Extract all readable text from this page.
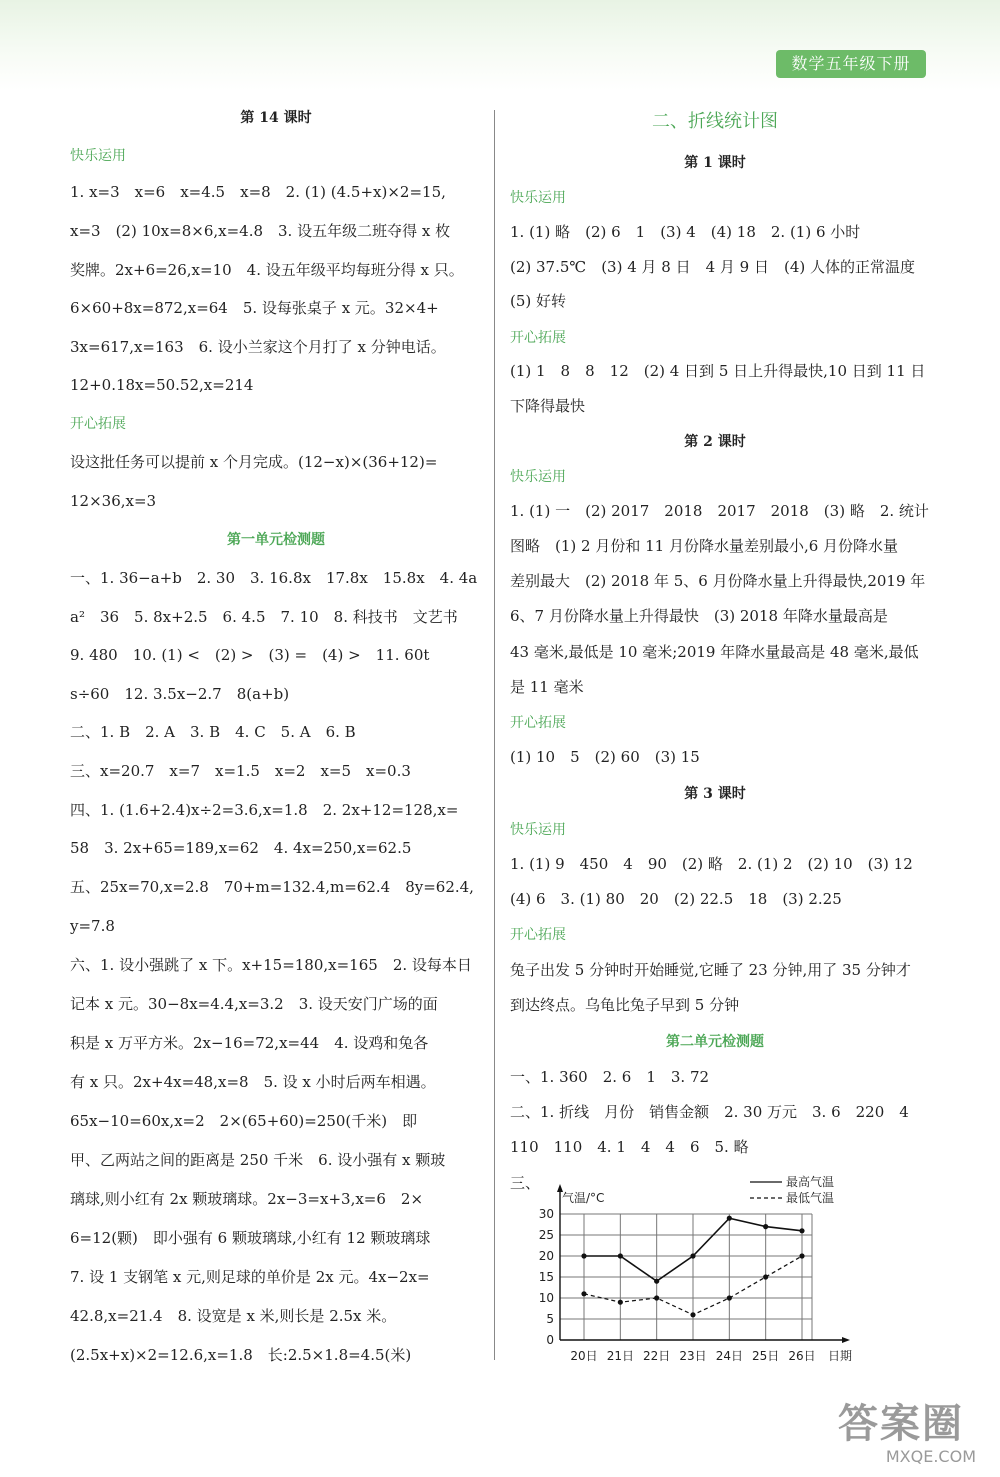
数学五年级下册
第 14 课时
快乐运用
1. x=3　x=6　x=4.5　x=8　2. (1) (4.5+x)×2=15,
x=3　(2) 10x=8×6,x=4.8　3. 设五年级二班夺得 x 枚
奖牌。2x+6=26,x=10　4. 设五年级平均每班分得 x 只。
6×60+8x=872,x=64　5. 设每张桌子 x 元。32×4+
3x=617,x=163　6. 设小兰家这个月打了 x 分钟电话。
12+0.18x=50.52,x=214
开心拓展
设这批任务可以提前 x 个月完成。(12−x)×(36+12)=
12×36,x=3
第一单元检测题
一、1. 36−a+b　2. 30　3. 16.8x　17.8x　15.8x　4. 4a
a²　36　5. 8x+2.5　6. 4.5　7. 10　8. 科技书　文艺书
9. 480　10. (1) <　(2) >　(3) =　(4) >　11. 60t
s÷60　12. 3.5x−2.7　8(a+b)
二、1. B　2. A　3. B　4. C　5. A　6. B
三、x=20.7　x=7　x=1.5　x=2　x=5　x=0.3
四、1. (1.6+2.4)x÷2=3.6,x=1.8　2. 2x+12=128,x=
58　3. 2x+65=189,x=62　4. 4x=250,x=62.5
五、25x=70,x=2.8　70+m=132.4,m=62.4　8y=62.4,
y=7.8
六、1. 设小强跳了 x 下。x+15=180,x=165　2. 设每本日
记本 x 元。30−8x=4.4,x=3.2　3. 设天安门广场的面
积是 x 万平方米。2x−16=72,x=44　4. 设鸡和兔各
有 x 只。2x+4x=48,x=8　5. 设 x 小时后两车相遇。
65x−10=60x,x=2　2×(65+60)=250(千米)　即
甲、乙两站之间的距离是 250 千米　6. 设小强有 x 颗玻
璃球,则小红有 2x 颗玻璃球。2x−3=x+3,x=6　2×
6=12(颗)　即小强有 6 颗玻璃球,小红有 12 颗玻璃球
7. 设 1 支钢笔 x 元,则足球的单价是 2x 元。4x−2x=
42.8,x=21.4　8. 设宽是 x 米,则长是 2.5x 米。
(2.5x+x)×2=12.6,x=1.8　长:2.5×1.8=4.5(米)
二、折线统计图
第 1 课时
快乐运用
1. (1) 略　(2) 6　1　(3) 4　(4) 18　2. (1) 6 小时
(2) 37.5℃　(3) 4 月 8 日　4 月 9 日　(4) 人体的正常温度
(5) 好转
开心拓展
(1) 1　8　8　12　(2) 4 日到 5 日上升得最快,10 日到 11 日
下降得最快
第 2 课时
快乐运用
1. (1) 一　(2) 2017　2018　2017　2018　(3) 略　2. 统计
图略　(1) 2 月份和 11 月份降水量差别最小,6 月份降水量
差别最大　(2) 2018 年 5、6 月份降水量上升得最快,2019 年
6、7 月份降水量上升得最快　(3) 2018 年降水量最高是
43 毫米,最低是 10 毫米;2019 年降水量最高是 48 毫米,最低
是 11 毫米
开心拓展
(1) 10　5　(2) 60　(3) 15
第 3 课时
快乐运用
1. (1) 9　450　4　90　(2) 略　2. (1) 2　(2) 10　(3) 12
(4) 6　3. (1) 80　20　(2) 22.5　18　(3) 2.25
开心拓展
兔子出发 5 分钟时开始睡觉,它睡了 23 分钟,用了 35 分钟才
到达终点。乌龟比兔子早到 5 分钟
第二单元检测题
一、1. 360　2. 6　1　3. 72
二、1. 折线　月份　销售金额　2. 30 万元　3. 6　220　4
110　110　4. 1　4　4　6　5. 略
三、
0
5
10
15
20
25
30
20日 21日 22日 23日 24日 25日 26日
气温/°C
日期
最高气温
最低气温
答案圈
MXQE.COM
